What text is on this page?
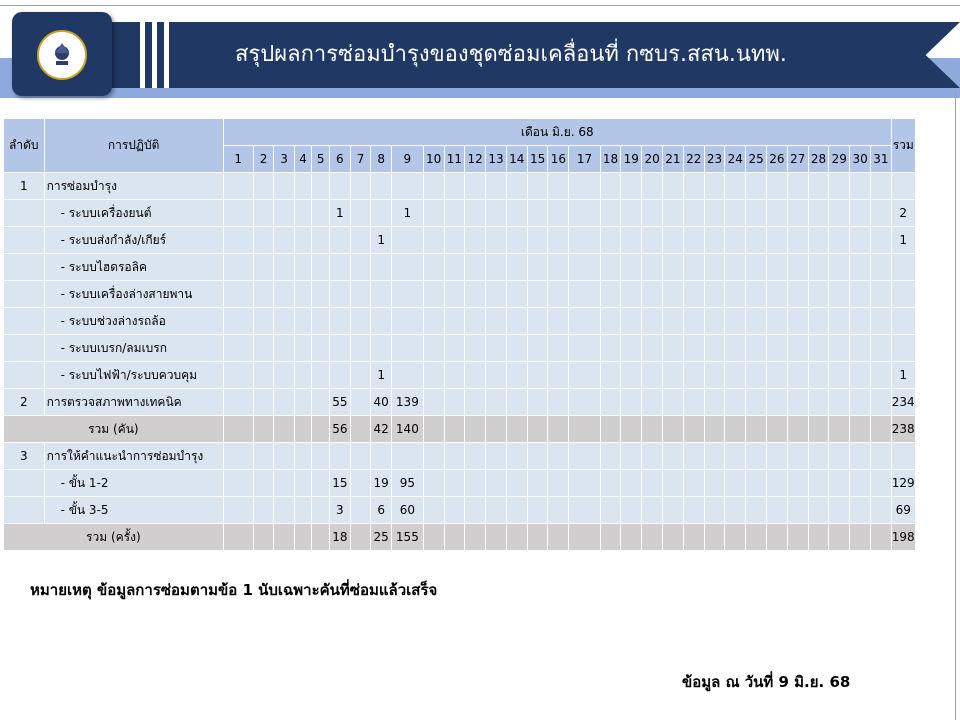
สรุปผลการซ่อมบำรุงของชุดซ่อมเคลื่อนที่ กซบร.สสน.นทพ.
ลำดับ	การปฏิบัติ	เดือน มิ.ย. 68																															รวม
		1	2	3	4	5	6	7	8	9	10	11	12	13	14	15	16	17	18	19	20	21	22	23	24	25	26	27	28	29	30	31	
1	การซ่อมบำรุง																																
	- ระบบเครื่องยนต์						1			1																							2
	- ระบบส่งกำลัง/เกียร์								1																								1
	- ระบบไฮดรอลิค																																
	- ระบบเครื่องล่างสายพาน																																
	- ระบบช่วงล่างรถล้อ																																
	- ระบบเบรก/ลมเบรก																																
	- ระบบไฟฟ้า/ระบบควบคุม								1																								1
2	การตรวจสภาพทางเทคนิค						55		40	139																							234
รวม (คัน)							56		42	140																							238
3	การให้คำแนะนำการซ่อมบำรุง																																
	- ขั้น 1-2						15		19	95																							129
	- ขั้น 3-5						3		6	60																							69
รวม (ครั้ง)							18		25	155																							198
หมายเหตุ ข้อมูลการซ่อมตามข้อ 1 นับเฉพาะคันที่ซ่อมแล้วเสร็จ
ข้อมูล ณ วันที่ 9 มิ.ย. 68
